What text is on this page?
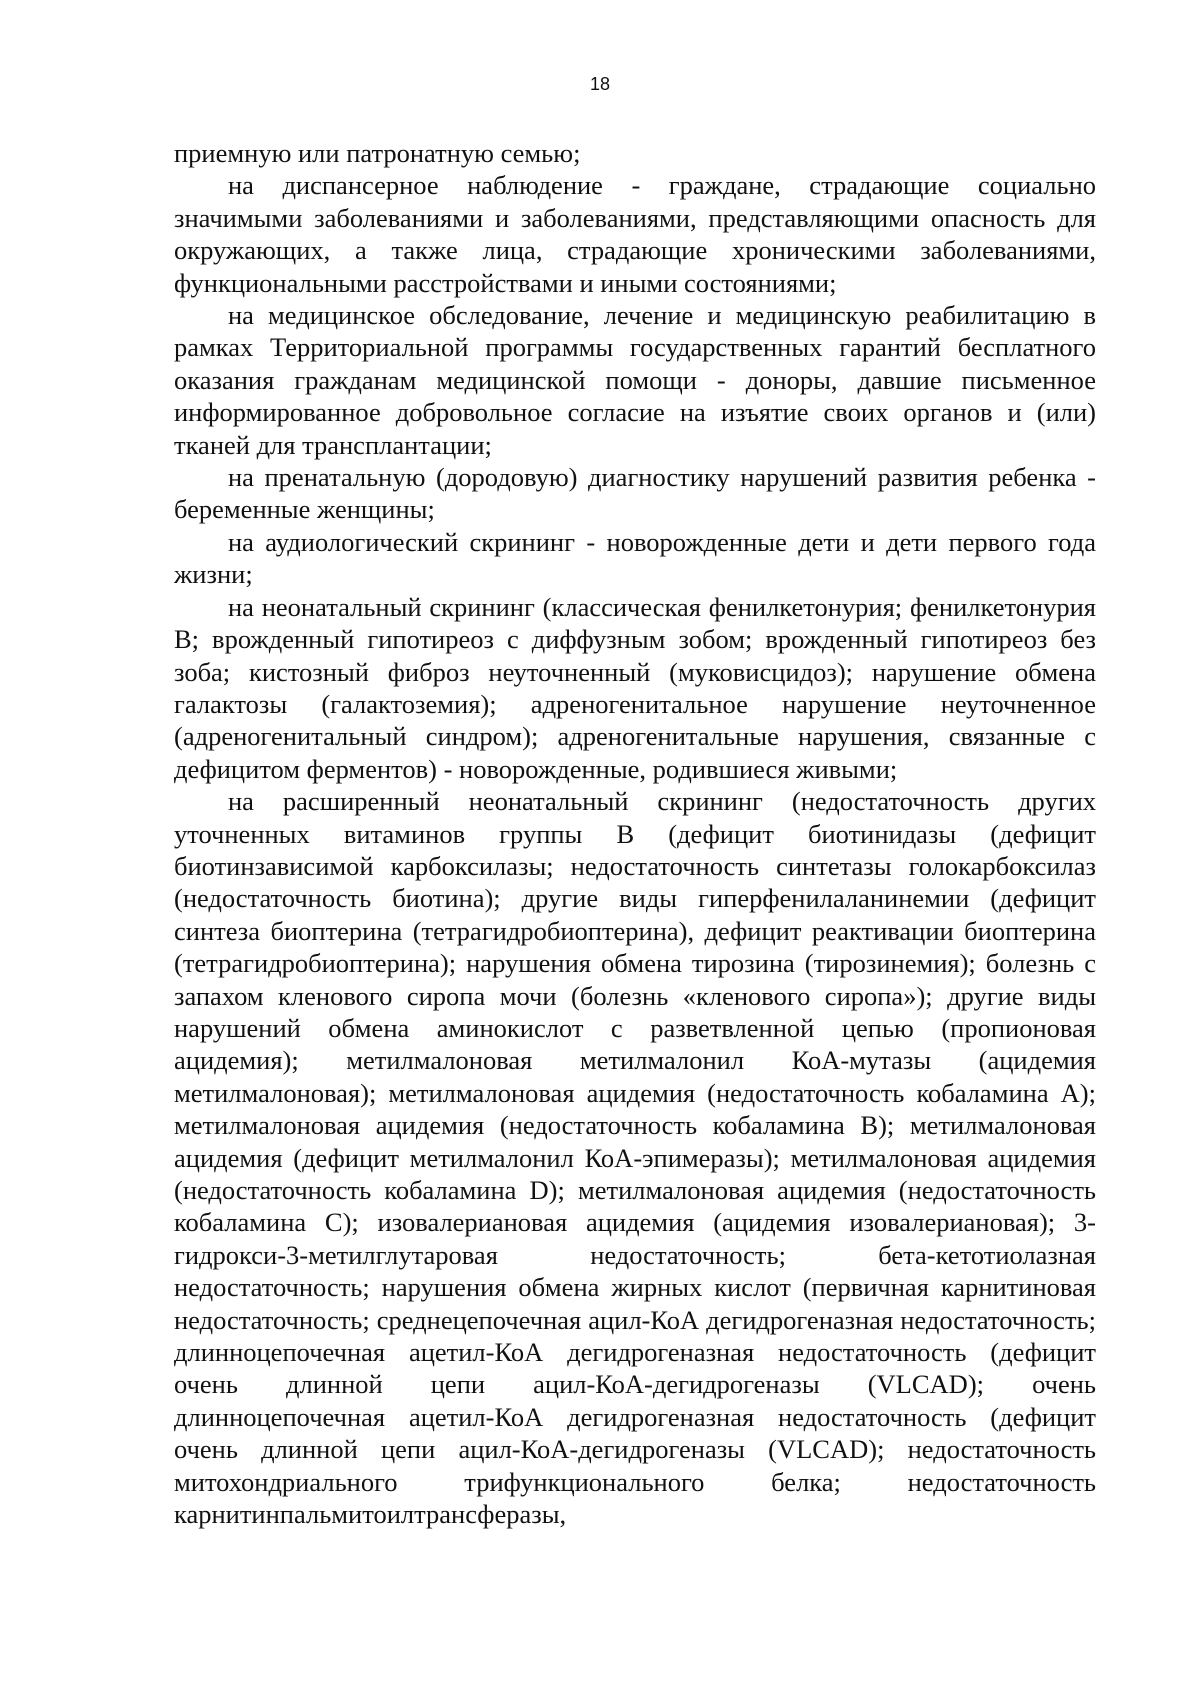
18

приемную или патронатную семью;

на диспансерное наблюдение - граждане, страдающие социально значимыми заболеваниями и заболеваниями, представляющими опасность для окружающих, а также лица, страдающие хроническими заболеваниями, функциональными расстройствами и иными состояниями;

на медицинское обследование, лечение и медицинскую реабилитацию в рамках Территориальной программы государственных гарантий бесплатного оказания гражданам медицинской помощи - доноры, давшие письменное информированное добровольное согласие на изъятие своих органов и (или) тканей для трансплантации;

на пренатальную (дородовую) диагностику нарушений развития ребенка - беременные женщины;

на аудиологический скрининг - новорожденные дети и дети первого года жизни;

на неонатальный скрининг (классическая фенилкетонурия; фенилкетонурия B; врожденный гипотиреоз с диффузным зобом; врожденный гипотиреоз без зоба; кистозный фиброз неуточненный (муковисцидоз); нарушение обмена галактозы (галактоземия); адреногенитальное нарушение неуточненное (адреногенитальный синдром); адреногенитальные нарушения, связанные с дефицитом ферментов) - новорожденные, родившиеся живыми;

на расширенный неонатальный скрининг (недостаточность других уточненных витаминов группы B (дефицит биотинидазы (дефицит биотинзависимой карбоксилазы; недостаточность синтетазы голокарбоксилаз (недостаточность биотина); другие виды гиперфенилаланинемии (дефицит синтеза биоптерина (тетрагидробиоптерина), дефицит реактивации биоптерина (тетрагидробиоптерина); нарушения обмена тирозина (тирозинемия); болезнь с запахом кленового сиропа мочи (болезнь «кленового сиропа»); другие виды нарушений обмена аминокислот с разветвленной цепью (пропионовая ацидемия); метилмалоновая метилмалонил КоА-мутазы (ацидемия метилмалоновая); метилмалоновая ацидемия (недостаточность кобаламина A); метилмалоновая ацидемия (недостаточность кобаламина B); метилмалоновая ацидемия (дефицит метилмалонил КоА-эпимеразы); метилмалоновая ацидемия (недостаточность кобаламина D); метилмалоновая ацидемия (недостаточность кобаламина C); изовалериановая ацидемия (ацидемия изовалериановая); 3-гидрокси-3-метилглутаровая недостаточность; бета-кетотиолазная недостаточность; нарушения обмена жирных кислот (первичная карнитиновая недостаточность; среднецепочечная ацил-КоА дегидрогеназная недостаточность; длинноцепочечная ацетил-КоА дегидрогеназная недостаточность (дефицит очень длинной цепи ацил-КоА-дегидрогеназы (VLCAD); очень длинноцепочечная ацетил-КоА дегидрогеназная недостаточность (дефицит очень длинной цепи ацил-КоА-дегидрогеназы (VLCAD); недостаточность митохондриального трифункционального белка; недостаточность карнитинпальмитоилтрансферазы,
